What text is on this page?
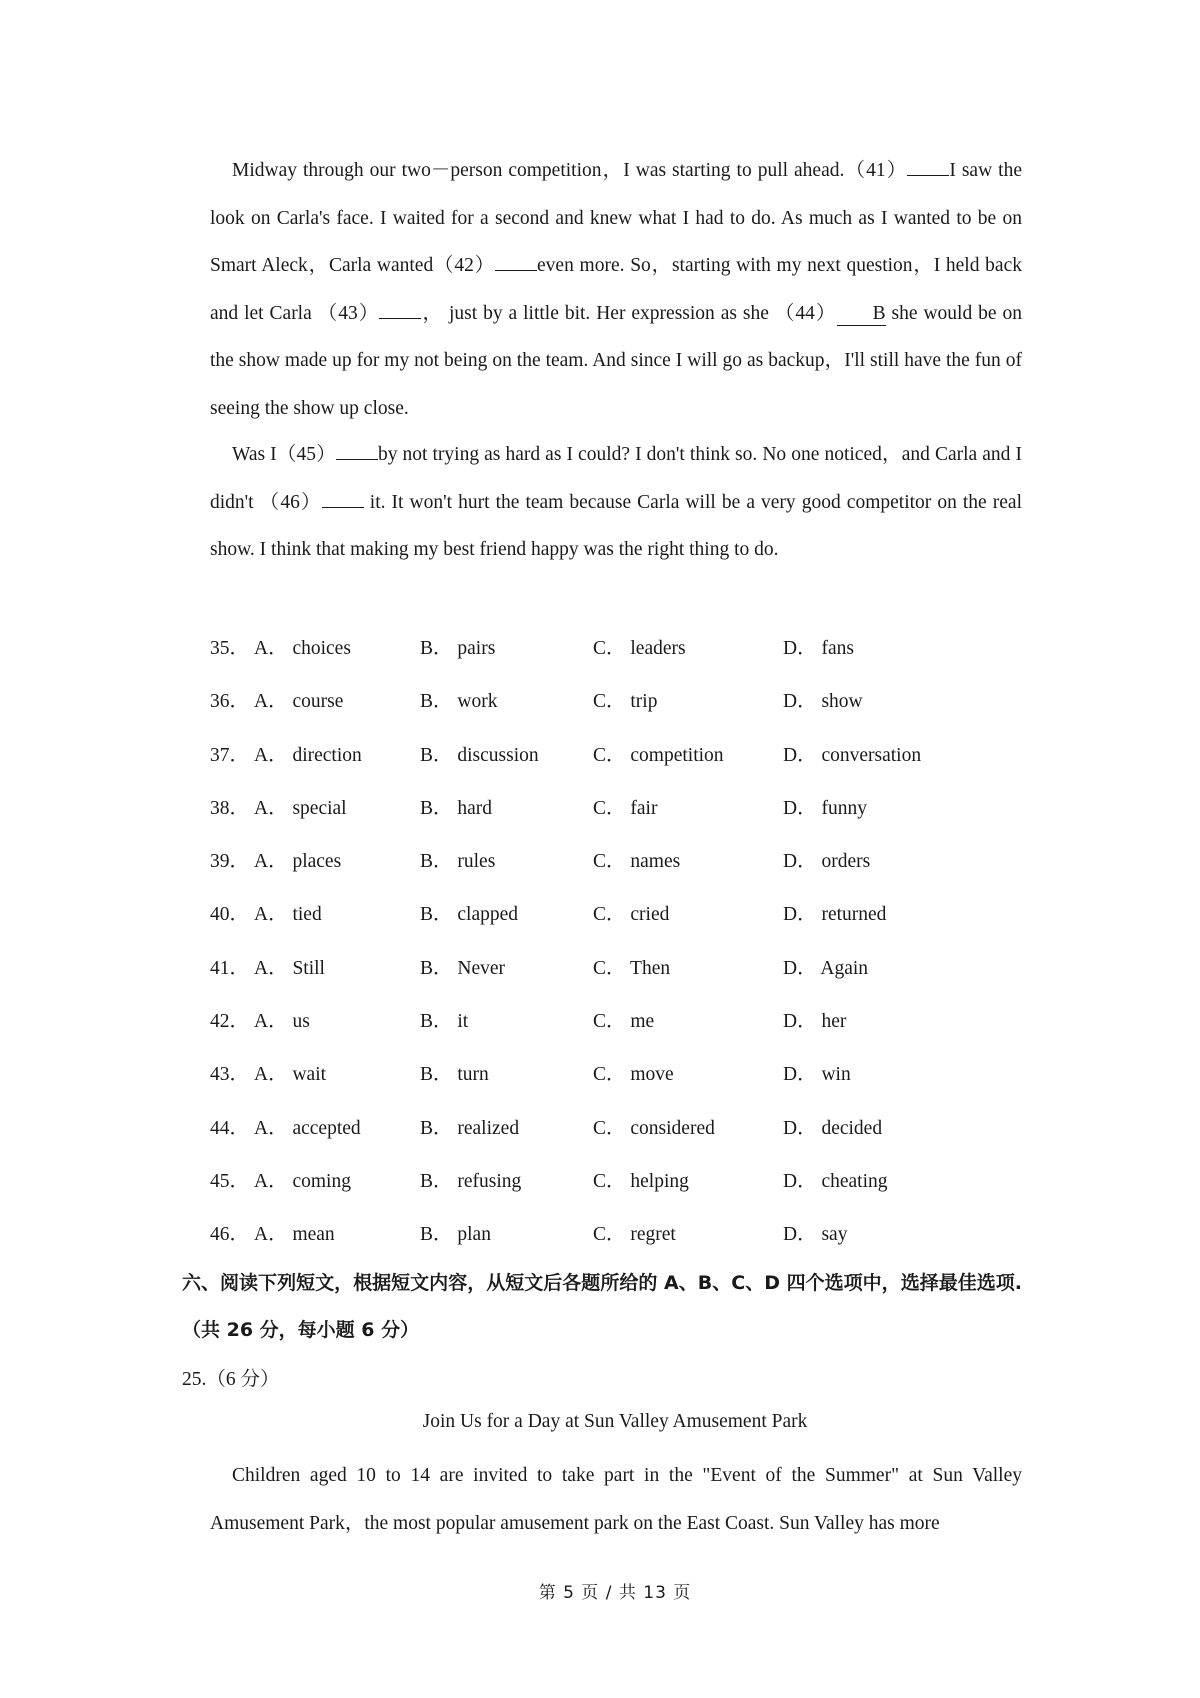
Midway through our two－person competition，I was starting to pull ahead.（41） I saw the look on Carla's face. I waited for a second and knew what I had to do. As much as I wanted to be on Smart Aleck，Carla wanted（42） even more. So，starting with my next question，I held back and let Carla （43） ， just by a little bit. Her expression as she （44） B she would be on the show made up for my not being on the team. And since I will go as backup，I'll still have the fun of seeing the show up close.

Was I（45） by not trying as hard as I could? I don't think so. No one noticed，and Carla and I didn't （46） it. It won't hurt the team because Carla will be a very good competitor on the real show. I think that making my best friend happy was the right thing to do.

35． A． choices	B． pairs	C． leaders	D． fans
36． A． course	B． work	C． trip	D． show
37． A． direction	B． discussion	C． competition	D． conversation
38． A． special	B． hard	C． fair	D． funny
39． A． places	B． rules	C． names	D． orders
40． A． tied	B． clapped	C． cried	D． returned
41． A． Still	B． Never	C． Then	D． Again
42． A． us	B． it	C． me	D． her
43． A． wait	B． turn	C． move	D． win
44． A． accepted	B． realized	C． considered	D． decided
45． A． coming	B． refusing	C． helping	D． cheating
46． A． mean	B． plan	C． regret	D． say
六、阅读下列短文，根据短文内容，从短文后各题所给的 A、B、C、D 四个选项中，选择最佳选项.（共 26 分，每小题 6 分）
25.（6 分）
Join Us for a Day at Sun Valley Amusement Park

Children aged 10 to 14 are invited to take part in the "Event of the Summer" at Sun Valley Amusement Park，the most popular amusement park on the East Coast. Sun Valley has more

第 5 页 / 共 13 页
